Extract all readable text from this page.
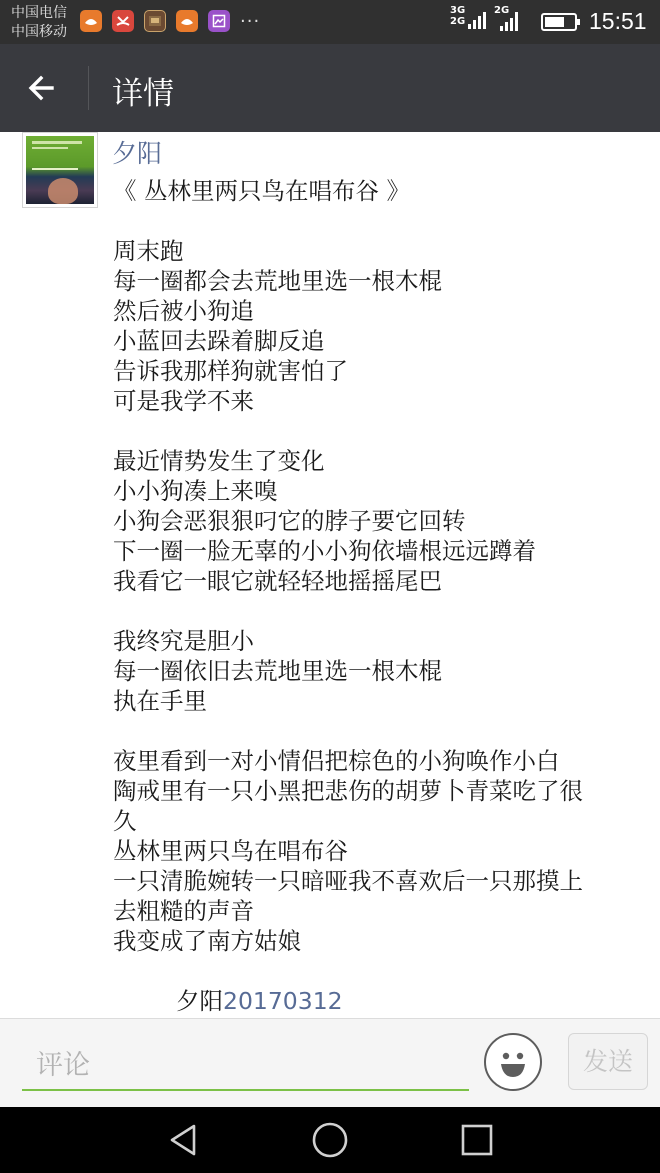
中国电信
中国移动
···	3G
2G
2G	15:51
详情
夕阳
《 丛林里两只鸟在唱布谷 》
周末跑
每一圈都会去荒地里选一根木棍
然后被小狗追
小蓝回去跺着脚反追
告诉我那样狗就害怕了
可是我学不来
最近情势发生了变化
小小狗凑上来嗅
小狗会恶狠狠叼它的脖子要它回转
下一圈一脸无辜的小小狗依墙根远远蹲着
我看它一眼它就轻轻地摇摇尾巴
我终究是胆小
每一圈依旧去荒地里选一根木棍
执在手里
夜里看到一对小情侣把棕色的小狗唤作小白
陶戒里有一只小黑把悲伤的胡萝卜青菜吃了很
久
丛林里两只鸟在唱布谷
一只清脆婉转一只暗哑我不喜欢后一只那摸上
去粗糙的声音
我变成了南方姑娘
夕阳20170312
评论
发送
